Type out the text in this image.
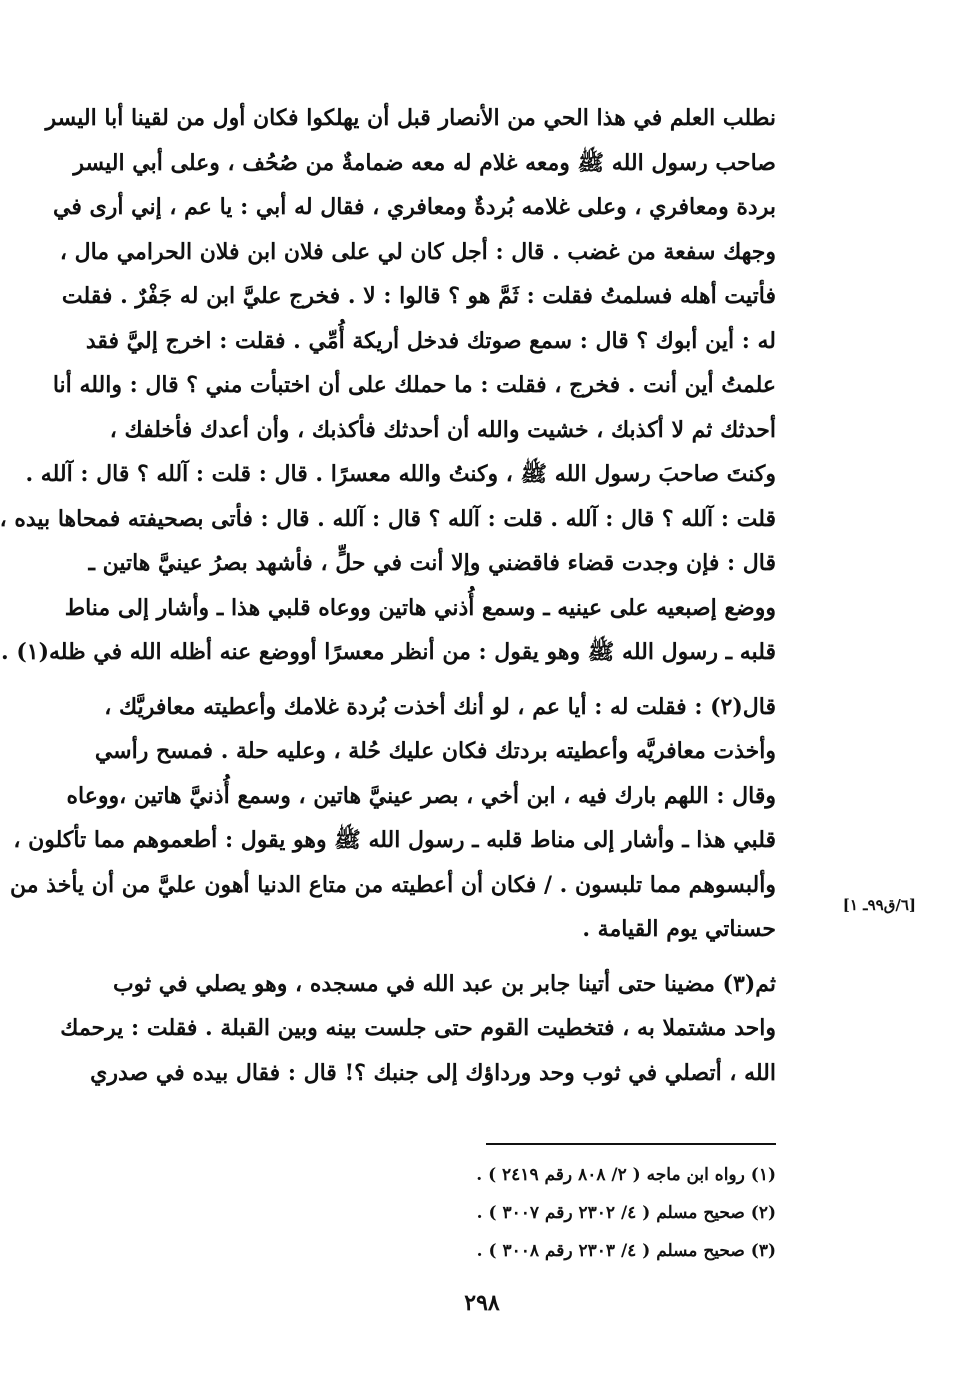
نطلب العلم في هذا الحي من الأنصار قبل أن يهلكوا فكان أول من لقينا أبا اليسر
صاحب رسول الله ﷺ ومعه غلام له معه ضمامةٌ من صُحُف ، وعلى أبي اليسر
بردة ومعافري ، وعلى غلامه بُردةٌ ومعافري ، فقال له أبي : يا عم ، إني أرى في
وجهك سفعة من غضب . قال : أجل كان لي على فلان ابن فلان الحرامي مال ،
فأتيت أهله فسلمتُ فقلت : ثَمَّ هو ؟ قالوا : لا . فخرج عليَّ ابن له جَفْرٌ . فقلت
له : أين أبوك ؟ قال : سمع صوتك فدخل أريكة أُمِّي . فقلت : اخرج إليَّ فقد
علمتُ أين أنت . فخرج ، فقلت : ما حملك على أن اختبأت مني ؟ قال : والله أنا
أحدثك ثم لا أكذبك ، خشيت والله أن أحدثك فأكذبك ، وأن أعدك فأخلفك ،
وكنتَ صاحبَ رسول الله ﷺ ، وكنتُ والله معسرًا . قال : قلت : آلله ؟ قال : آلله .
قلت : آلله ؟ قال : آلله . قلت : آلله ؟ قال : آلله . قال : فأتى بصحيفته فمحاها بيده ،
قال : فإن وجدت قضاء فاقضني وإلا أنت في حلٍّ ، فأشهد بصرُ عينيَّ هاتين ـ
ووضع إصبعيه على عينيه ـ وسمع أُذني هاتين ووعاه قلبي هذا ـ وأشار إلى مناط
قلبه ـ رسول الله ﷺ وهو يقول : من أنظر معسرًا أووضع عنه أظله الله في ظله(١) .
قال(٢) : فقلت له : أيا عم ، لو أنك أخذت بُردة غلامك وأعطيته معافريَّك ،
وأخذت معافريَّه وأعطيته بردتك فكان عليك حُلة ، وعليه حلة . فمسح رأسي
وقال : اللهم بارك فيه ، ابن أخي ، بصر عينيَّ هاتين ، وسمع أُذنيَّ هاتين ،ووعاه
قلبي هذا ـ وأشار إلى مناط قلبه ـ رسول الله ﷺ وهو يقول : أطعموهم مما تأكلون ،
وألبسوهم مما تلبسون . / فكان أن أعطيته من متاع الدنيا أهون عليَّ من أن يأخذ من
حسناتي يوم القيامة .
ثم(٣) مضينا حتى أتينا جابر بن عبد الله في مسجده ، وهو يصلي في ثوب
واحد مشتملا به ، فتخطيت القوم حتى جلست بينه وبين القبلة . فقلت : يرحمك
الله ، أتصلي في ثوب وحد ورداؤك إلى جنبك ؟! قال : فقال بيده في صدري
[٦/ق٩٩ـ ١]
(١) رواه ابن ماجه ( ٢/ ٨٠٨ رقم ٢٤١٩ ) .
(٢) صحيح مسلم ( ٤/ ٢٣٠٢ رقم ٣٠٠٧ ) .
(٣) صحيح مسلم ( ٤/ ٢٣٠٣ رقم ٣٠٠٨ ) .
٢٩٨
